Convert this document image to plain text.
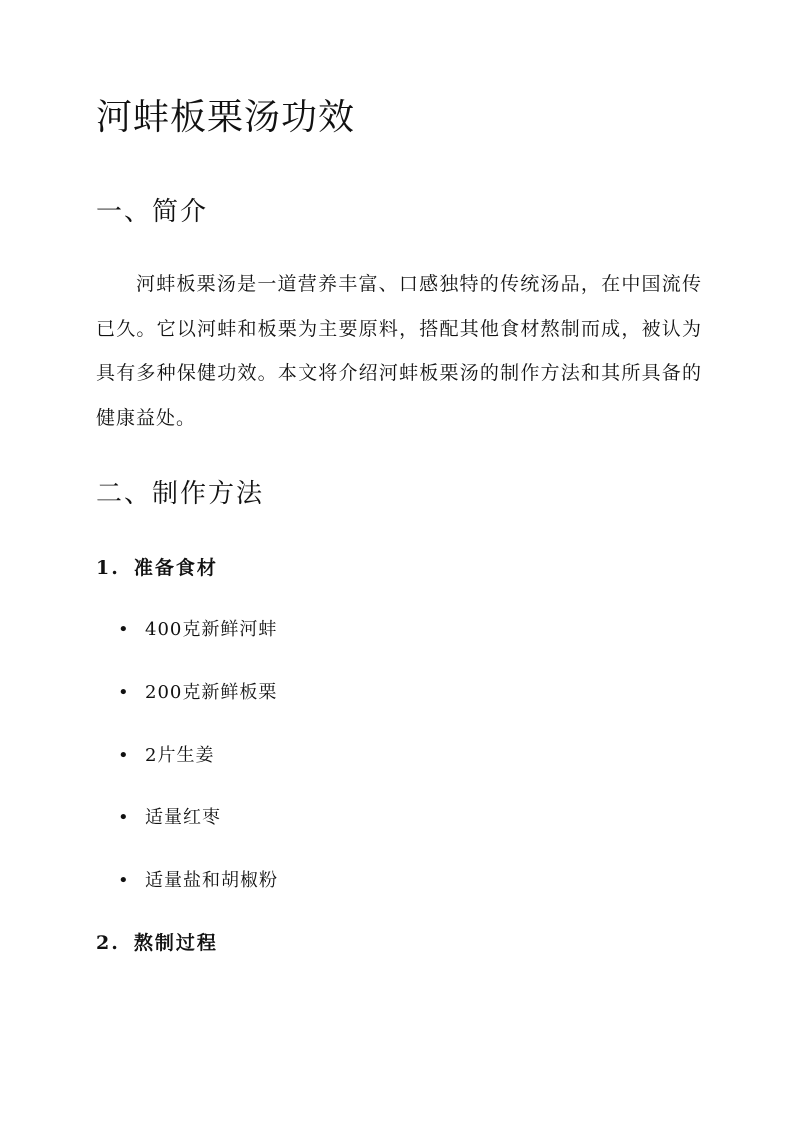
河蚌板栗汤功效
一、简介

河蚌板栗汤是一道营养丰富、口感独特的传统汤品，在中国流传已久。它以河蚌和板栗为主要原料，搭配其他食材熬制而成，被认为具有多种保健功效。本文将介绍河蚌板栗汤的制作方法和其所具备的健康益处。

二、制作方法
1. 准备食材
• 400克新鲜河蚌
• 200克新鲜板栗
• 2片生姜
• 适量红枣
• 适量盐和胡椒粉
2. 熬制过程
